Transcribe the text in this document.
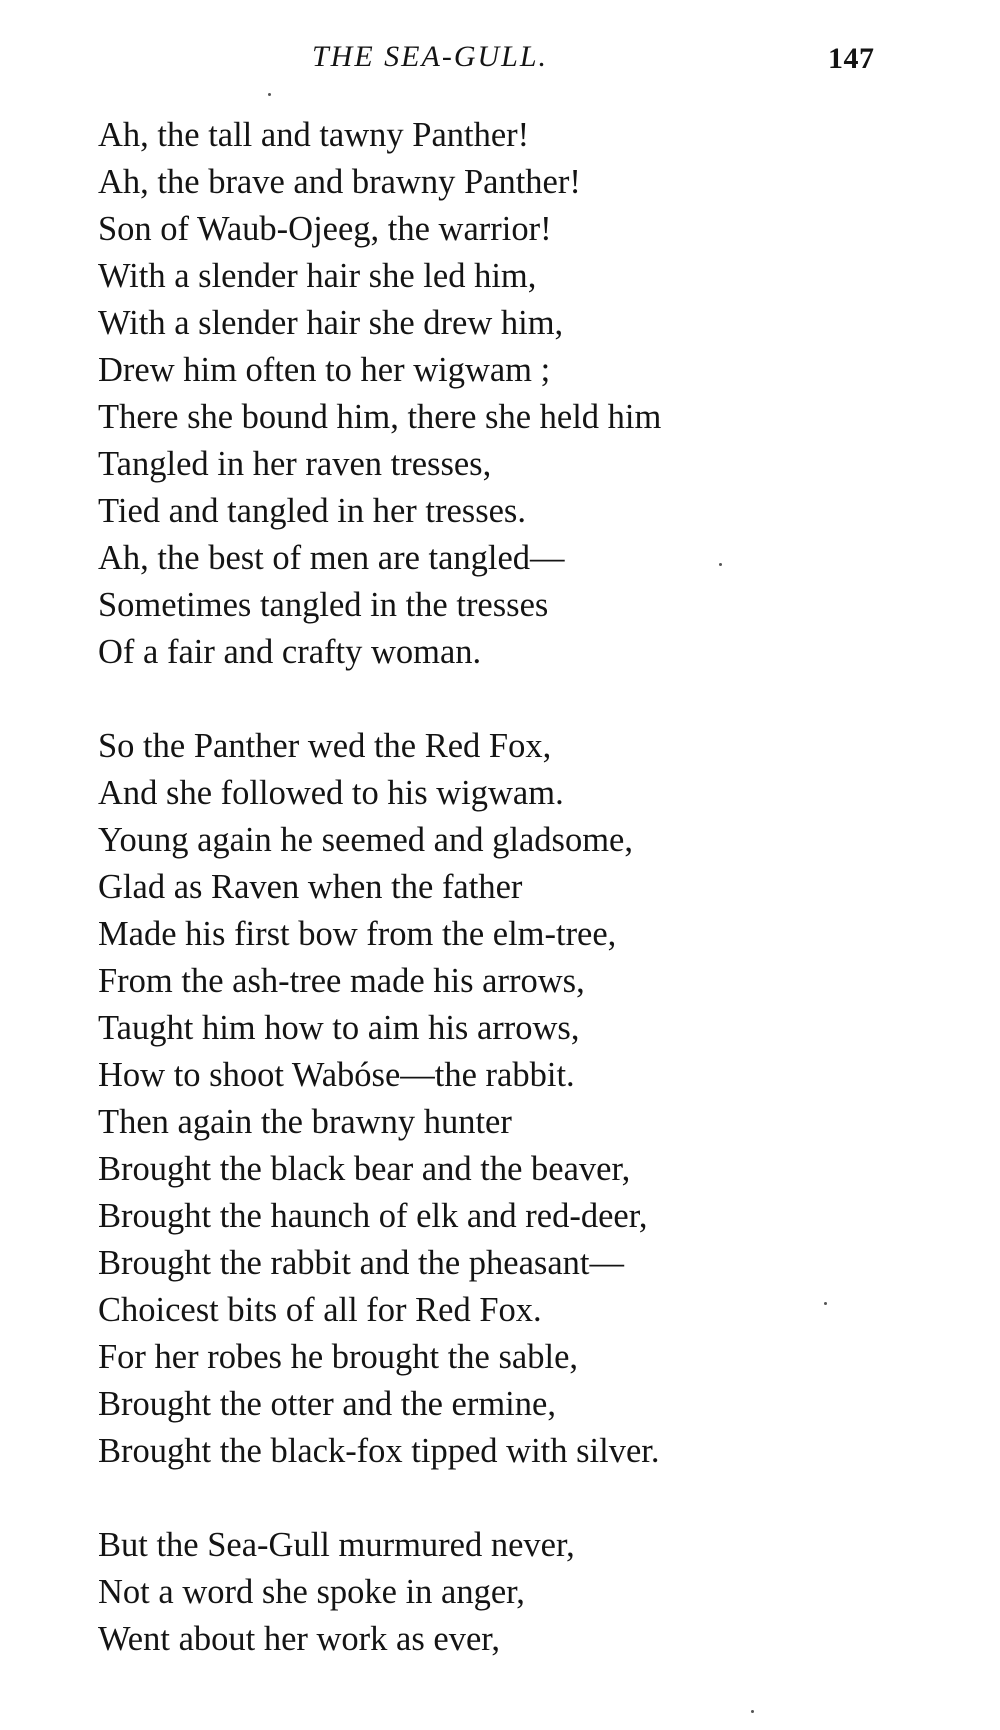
THE SEA-GULL.	147
Ah, the tall and tawny Panther!
Ah, the brave and brawny Panther!
Son of Waub-Ojeeg, the warrior!
With a slender hair she led him,
With a slender hair she drew him,
Drew him often to her wigwam ;
There she bound him, there she held him
Tangled in her raven tresses,
Tied and tangled in her tresses.
Ah, the best of men are tangled—
Sometimes tangled in the tresses
Of a fair and crafty woman.
So the Panther wed the Red Fox,
And she followed to his wigwam.
Young again he seemed and gladsome,
Glad as Raven when the father
Made his first bow from the elm-tree,
From the ash-tree made his arrows,
Taught him how to aim his arrows,
How to shoot Wabóse—the rabbit.
Then again the brawny hunter
Brought the black bear and the beaver,
Brought the haunch of elk and red-deer,
Brought the rabbit and the pheasant—
Choicest bits of all for Red Fox.
For her robes he brought the sable,
Brought the otter and the ermine,
Brought the black-fox tipped with silver.
But the Sea-Gull murmured never,
Not a word she spoke in anger,
Went about her work as ever,
